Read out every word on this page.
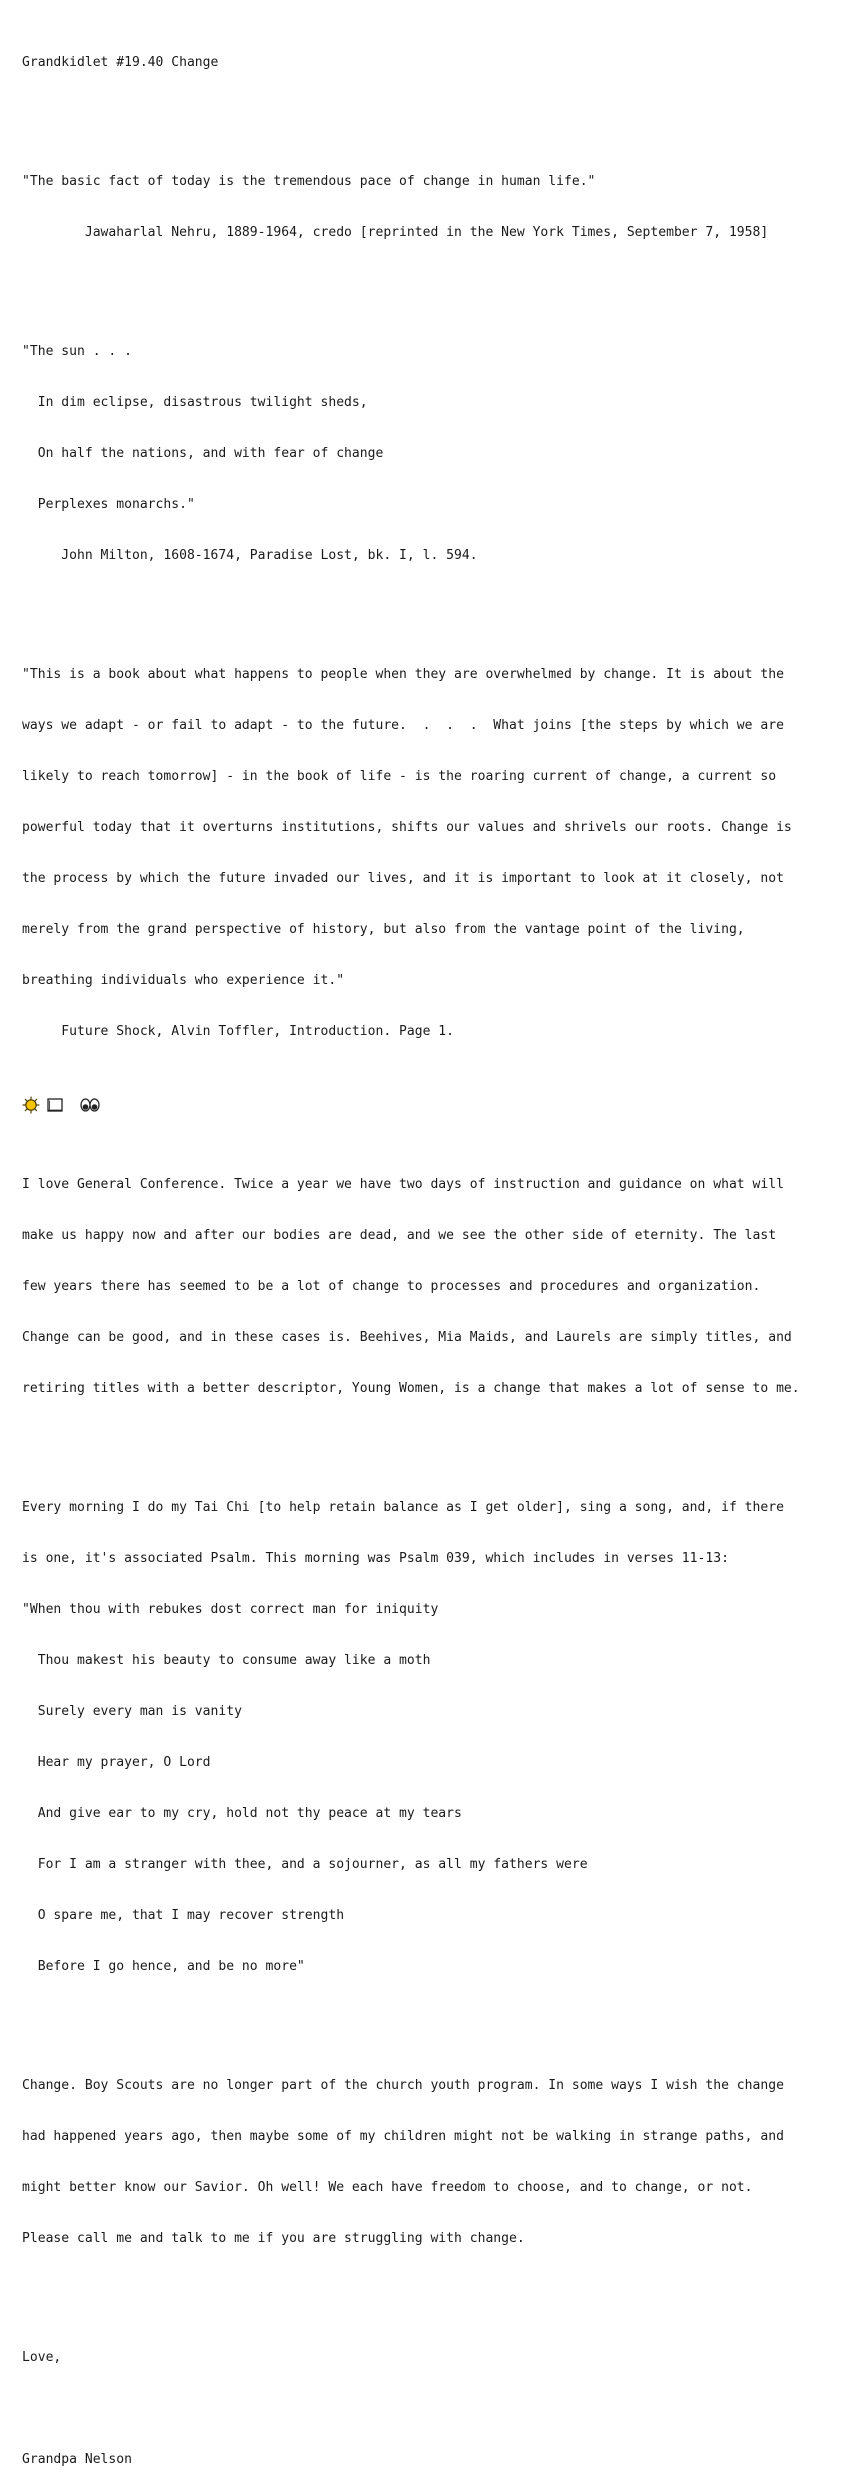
Grandkidlet #19.40 Change

"The basic fact of today is the tremendous pace of change in human life."

Jawaharlal Nehru, 1889-1964, credo [reprinted in the New York Times, September 7, 1958]

"The sun . . .

In dim eclipse, disastrous twilight sheds,

On half the nations, and with fear of change

Perplexes monarchs."

John Milton, 1608-1674, Paradise Lost, bk. I, l. 594.

"This is a book about what happens to people when they are overwhelmed by change. It is about the

ways we adapt - or fail to adapt - to the future.  .  .  .  What joins [the steps by which we are

likely to reach tomorrow] - in the book of life - is the roaring current of change, a current so

powerful today that it overturns institutions, shifts our values and shrivels our roots. Change is

the process by which the future invaded our lives, and it is important to look at it closely, not

merely from the grand perspective of history, but also from the vantage point of the living,

breathing individuals who experience it."

Future Shock, Alvin Toffler, Introduction. Page 1.

I love General Conference. Twice a year we have two days of instruction and guidance on what will

make us happy now and after our bodies are dead, and we see the other side of eternity. The last

few years there has seemed to be a lot of change to processes and procedures and organization.

Change can be good, and in these cases is. Beehives, Mia Maids, and Laurels are simply titles, and

retiring titles with a better descriptor, Young Women, is a change that makes a lot of sense to me.

Every morning I do my Tai Chi [to help retain balance as I get older], sing a song, and, if there

is one, it's associated Psalm. This morning was Psalm 039, which includes in verses 11-13:

"When thou with rebukes dost correct man for iniquity

Thou makest his beauty to consume away like a moth

Surely every man is vanity

Hear my prayer, O Lord

And give ear to my cry, hold not thy peace at my tears

For I am a stranger with thee, and a sojourner, as all my fathers were

O spare me, that I may recover strength

Before I go hence, and be no more"

Change. Boy Scouts are no longer part of the church youth program. In some ways I wish the change

had happened years ago, then maybe some of my children might not be walking in strange paths, and

might better know our Savior. Oh well! We each have freedom to choose, and to change, or not.

Please call me and talk to me if you are struggling with change.

Love,

Grandpa Nelson
